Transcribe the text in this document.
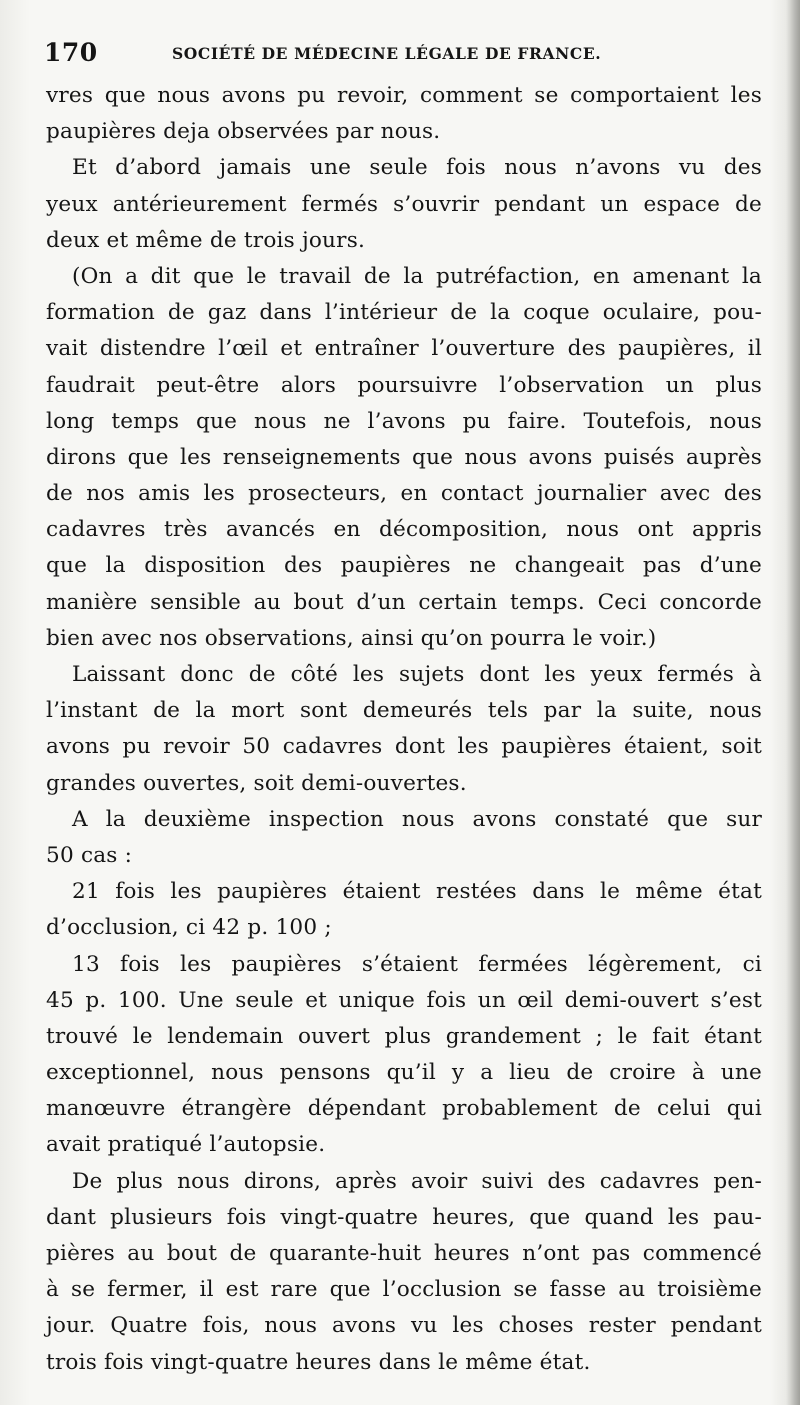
170	SOCIÉTÉ DE MÉDECINE LÉGALE DE FRANCE.
vres que nous avons pu revoir, comment se comportaient les
paupières deja observées par nous.
Et d’abord jamais une seule fois nous n’avons vu des
yeux antérieurement fermés s’ouvrir pendant un espace de
deux et même de trois jours.
(On a dit que le travail de la putréfaction, en amenant la
formation de gaz dans l’intérieur de la coque oculaire, pou-
vait distendre l’œil et entraîner l’ouverture des paupières, il
faudrait peut-être alors poursuivre l’observation un plus
long temps que nous ne l’avons pu faire. Toutefois, nous
dirons que les renseignements que nous avons puisés auprès
de nos amis les prosecteurs, en contact journalier avec des
cadavres très avancés en décomposition, nous ont appris
que la disposition des paupières ne changeait pas d’une
manière sensible au bout d’un certain temps. Ceci concorde
bien avec nos observations, ainsi qu’on pourra le voir.)
Laissant donc de côté les sujets dont les yeux fermés à
l’instant de la mort sont demeurés tels par la suite, nous
avons pu revoir 50 cadavres dont les paupières étaient, soit
grandes ouvertes, soit demi-ouvertes.
A la deuxième inspection nous avons constaté que sur
50 cas :
21 fois les paupières étaient restées dans le même état
d’occlusion, ci 42 p. 100 ;
13 fois les paupières s’étaient fermées légèrement, ci
45 p. 100. Une seule et unique fois un œil demi-ouvert s’est
trouvé le lendemain ouvert plus grandement ; le fait étant
exceptionnel, nous pensons qu’il y a lieu de croire à une
manœuvre étrangère dépendant probablement de celui qui
avait pratiqué l’autopsie.
De plus nous dirons, après avoir suivi des cadavres pen-
dant plusieurs fois vingt-quatre heures, que quand les pau-
pières au bout de quarante-huit heures n’ont pas commencé
à se fermer, il est rare que l’occlusion se fasse au troisième
jour. Quatre fois, nous avons vu les choses rester pendant
trois fois vingt-quatre heures dans le même état.
